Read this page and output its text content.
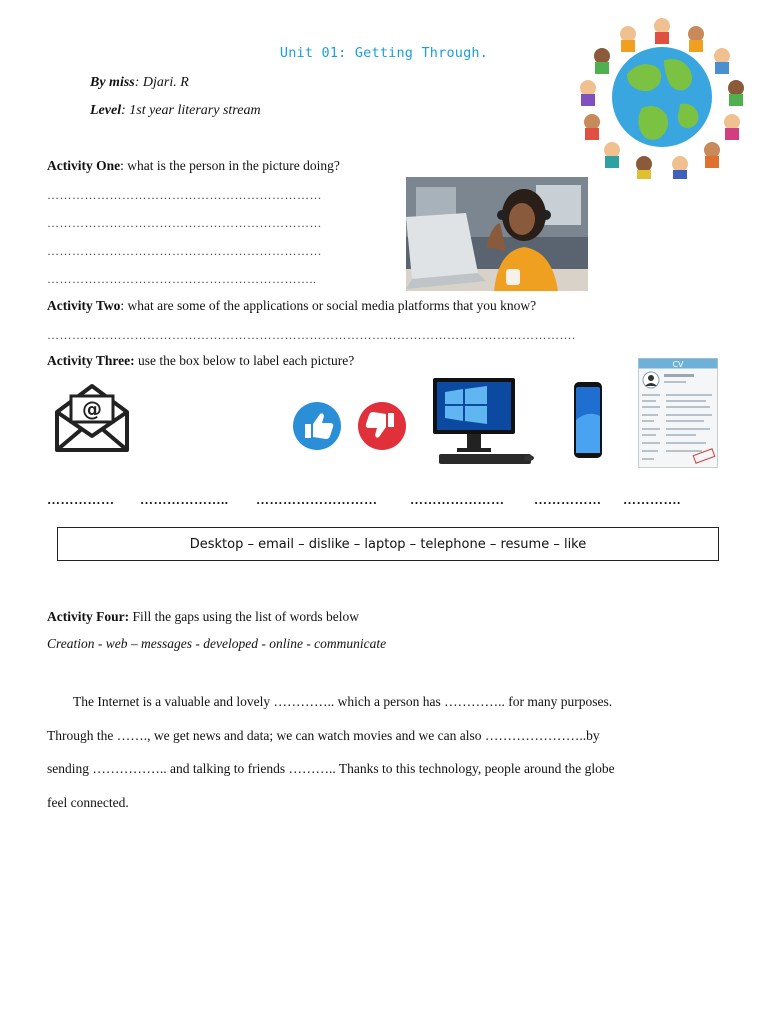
Unit 01: Getting Through.
By miss: Djari. R
Level: 1st year literary stream
Activity One: what is the person in the picture doing?
…………………………………………………………
…………………………………………………………
…………………………………………………………
………………………………………………………..
Activity Two: what are some of the applications or social media platforms that you know?
……………………………………………………………………………………………………………….
Activity Three: use the box below to label each picture?
@
CV
…………… ……………….. ………………………	………………… …………… ………….
Desktop – email – dislike – laptop – telephone – resume – like
Activity Four: Fill the gaps using the list of words below
Creation - web – messages - developed - online - communicate
The Internet is a valuable and lovely ………….. which a person has ………….. for many purposes.
Through the ……., we get news and data; we can watch movies and we can also …………………..by
sending …………….. and talking to friends ……….. Thanks to this technology, people around the globe
feel connected.
